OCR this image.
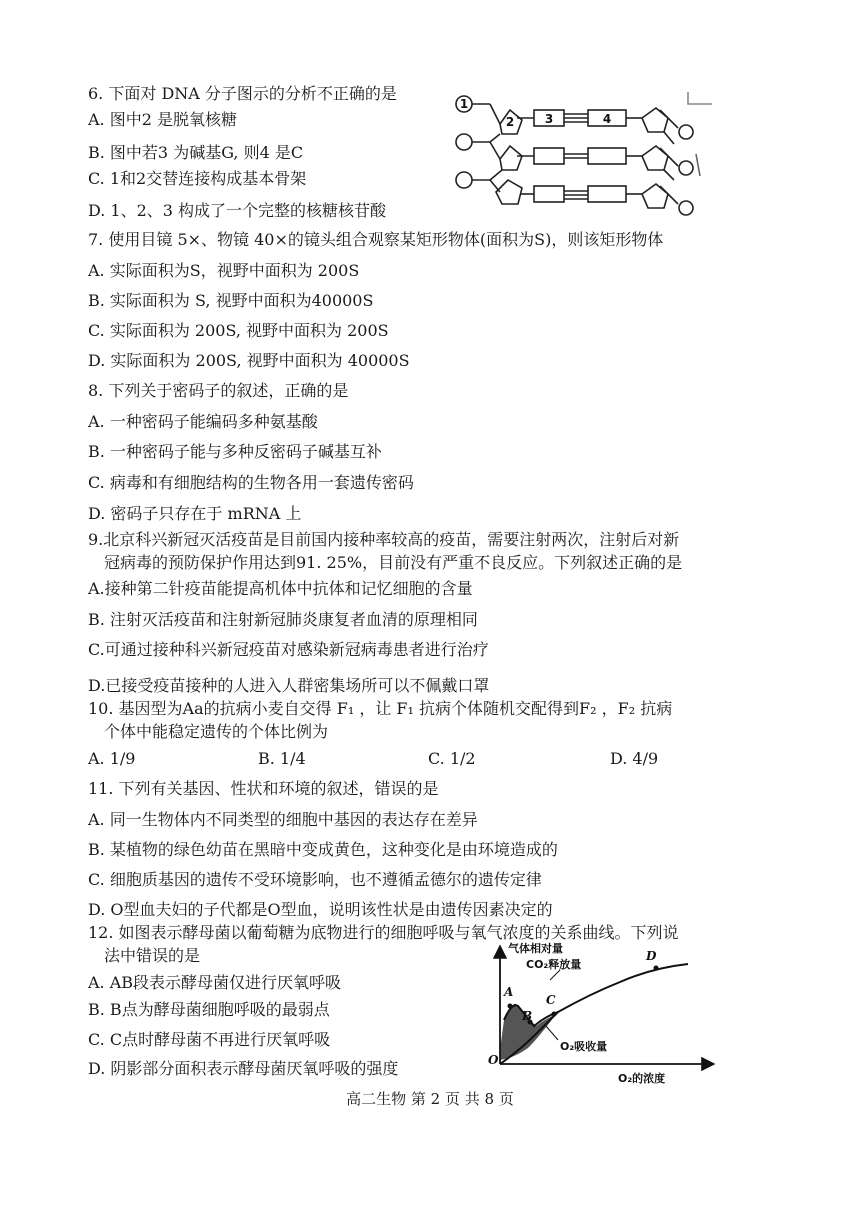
6. 下面对 DNA 分子图示的分析不正确的是
A. 图中2 是脱氧核糖
B. 图中若3 为碱基G, 则4 是C
C. 1和2交替连接构成基本骨架
D. 1、2、3 构成了一个完整的核糖核苷酸
1
2	3	4
7. 使用目镜 5×、物镜 40×的镜头组合观察某矩形物体(面积为S)，则该矩形物体
A. 实际面积为S，视野中面积为 200S
B. 实际面积为 S, 视野中面积为40000S
C. 实际面积为 200S, 视野中面积为 200S
D. 实际面积为 200S, 视野中面积为 40000S
8. 下列关于密码子的叙述，正确的是
A. 一种密码子能编码多种氨基酸
B. 一种密码子能与多种反密码子碱基互补
C. 病毒和有细胞结构的生物各用一套遗传密码
D. 密码子只存在于 mRNA 上
9.北京科兴新冠灭活疫苗是目前国内接种率较高的疫苗，需要注射两次，注射后对新
冠病毒的预防保护作用达到91. 25%，目前没有严重不良反应。下列叙述正确的是
A.接种第二针疫苗能提高机体中抗体和记忆细胞的含量
B. 注射灭活疫苗和注射新冠肺炎康复者血清的原理相同
C.可通过接种科兴新冠疫苗对感染新冠病毒患者进行治疗
D.已接受疫苗接种的人进入人群密集场所可以不佩戴口罩
10. 基因型为Aa的抗病小麦自交得 F₁ ，让 F₁ 抗病个体随机交配得到F₂ ，F₂ 抗病
个体中能稳定遗传的个体比例为
A. 1/9	B. 1/4	C. 1/2	D. 4/9
11. 下列有关基因、性状和环境的叙述，错误的是
A. 同一生物体内不同类型的细胞中基因的表达存在差异
B. 某植物的绿色幼苗在黑暗中变成黄色，这种变化是由环境造成的
C. 细胞质基因的遗传不受环境影响，也不遵循孟德尔的遗传定律
D. O型血夫妇的子代都是O型血，说明该性状是由遗传因素决定的
12. 如图表示酵母菌以葡萄糖为底物进行的细胞呼吸与氧气浓度的关系曲线。下列说
法中错误的是
A. AB段表示酵母菌仅进行厌氧呼吸
B. B点为酵母菌细胞呼吸的最弱点
C. C点时酵母菌不再进行厌氧呼吸
D. 阴影部分面积表示酵母菌厌氧呼吸的强度
气体相对量
O₂的浓度
CO₂释放量
O₂吸收量
A
B
C
D
O
高二生物 第 2 页 共 8 页
